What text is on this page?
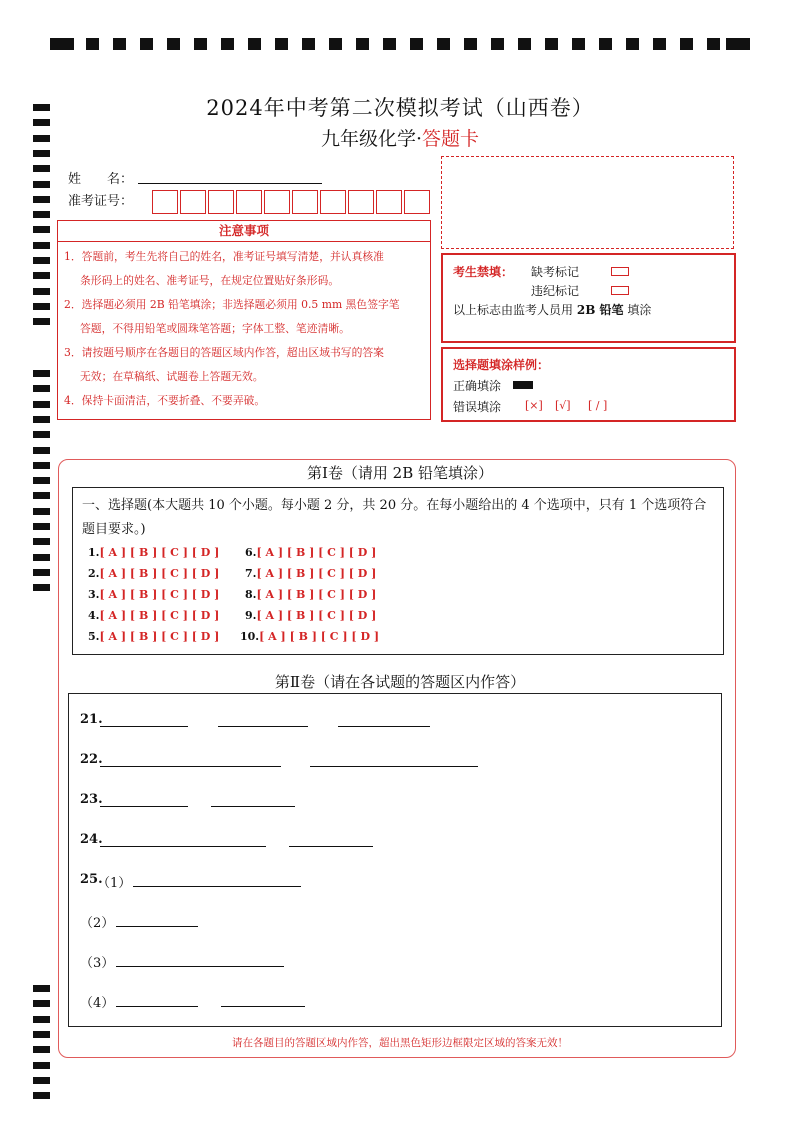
2024年中考第二次模拟考试（山西卷）
九年级化学·答题卡
姓　　名：
准考证号：
注意事项
1．答题前，考生先将自己的姓名，准考证号填写清楚，并认真核准
条形码上的姓名、准考证号，在规定位置贴好条形码。
2．选择题必须用 2B 铅笔填涂；非选择题必须用 0.5 mm 黑色签字笔
答题，不得用铅笔或圆珠笔答题；字体工整、笔迹清晰。
3．请按题号顺序在各题目的答题区域内作答，超出区域书写的答案
无效；在草稿纸、试题卷上答题无效。
4．保持卡面清洁，不要折叠、不要弄破。
考生禁填： 缺考标记
违纪标记
以上标志由监考人员用 2B 铅笔 填涂
选择题填涂样例：
正确填涂
错误填涂 [×] [√] [ / ]
第Ⅰ卷（请用 2B 铅笔填涂）
一、选择题(本大题共 10 个小题。每小题 2 分，共 20 分。在每小题给出的 4 个选项中，只有 1 个选项符合题目要求。)
1.[ A ] [ B ] [ C ] [ D ]
2.[ A ] [ B ] [ C ] [ D ]
3.[ A ] [ B ] [ C ] [ D ]
4.[ A ] [ B ] [ C ] [ D ]
5.[ A ] [ B ] [ C ] [ D ]
6.[ A ] [ B ] [ C ] [ D ]
7.[ A ] [ B ] [ C ] [ D ]
8.[ A ] [ B ] [ C ] [ D ]
9.[ A ] [ B ] [ C ] [ D ]
10.[ A ] [ B ] [ C ] [ D ]
第Ⅱ卷（请在各试题的答题区内作答）
21.
22.
23.
24.
25.
（1）
（2）
（3）
（4）
请在各题目的答题区域内作答，超出黑色矩形边框限定区域的答案无效！
